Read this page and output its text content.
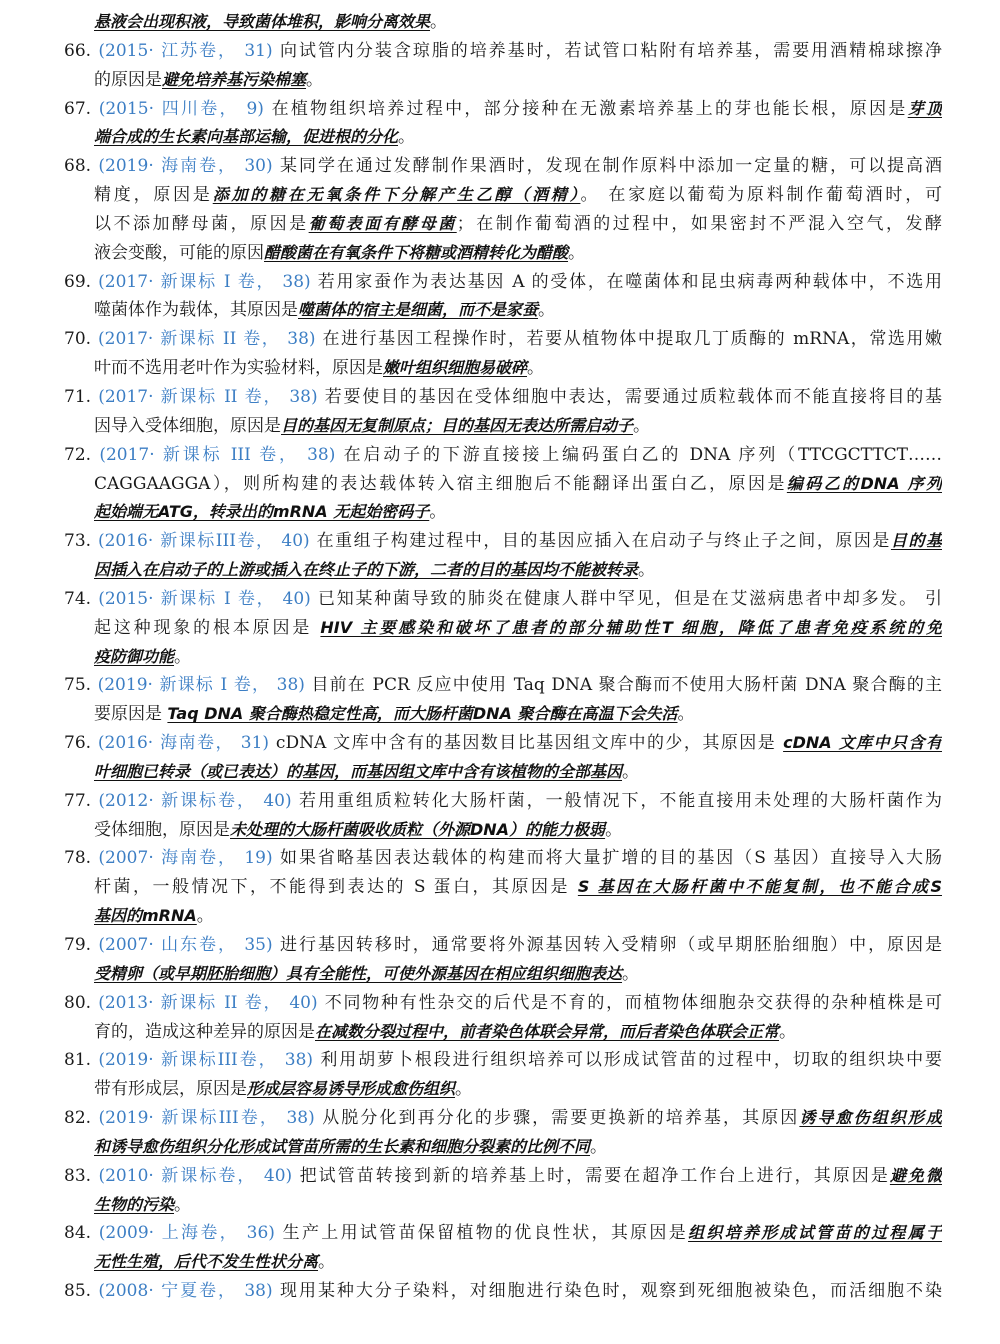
悬液会出现积液，导致菌体堆积，影响分离效果。
66. (2015· 江苏卷， 31) 向试管内分装含琼脂的培养基时，若试管口粘附有培养基，需要用酒精棉球擦净
的原因是避免培养基污染棉塞。
67. (2015· 四川卷， 9) 在植物组织培养过程中，部分接种在无激素培养基上的芽也能长根，原因是芽顶
端合成的生长素向基部运输，促进根的分化。
68. (2019· 海南卷， 30) 某同学在通过发酵制作果酒时，发现在制作原料中添加一定量的糖，可以提高酒
精度，原因是添加的糖在无氧条件下分解产生乙醇（酒精）。 在家庭以葡萄为原料制作葡萄酒时，可
以不添加酵母菌，原因是葡萄表面有酵母菌；在制作葡萄酒的过程中，如果密封不严混入空气，发酵
液会变酸，可能的原因醋酸菌在有氧条件下将糖或酒精转化为醋酸。
69. (2017· 新课标 I 卷， 38) 若用家蚕作为表达基因 A 的受体，在噬菌体和昆虫病毒两种载体中，不选用
噬菌体作为载体，其原因是噬菌体的宿主是细菌，而不是家蚕。
70. (2017· 新课标 II 卷， 38) 在进行基因工程操作时，若要从植物体中提取几丁质酶的 mRNA，常选用嫩
叶而不选用老叶作为实验材料，原因是嫩叶组织细胞易破碎。
71. (2017· 新课标 II 卷， 38) 若要使目的基因在受体细胞中表达，需要通过质粒载体而不能直接将目的基
因导入受体细胞，原因是目的基因无复制原点；目的基因无表达所需启动子。
72. (2017· 新课标 III 卷， 38) 在启动子的下游直接接上编码蛋白乙的 DNA 序列（TTCGCTTCT……
CAGGAAGGA），则所构建的表达载体转入宿主细胞后不能翻译出蛋白乙，原因是编码乙的DNA 序列
起始端无ATG，转录出的mRNA 无起始密码子。
73. (2016· 新课标III卷， 40) 在重组子构建过程中，目的基因应插入在启动子与终止子之间，原因是目的基
因插入在启动子的上游或插入在终止子的下游，二者的目的基因均不能被转录。
74. (2015· 新课标 I 卷， 40) 已知某种菌导致的肺炎在健康人群中罕见，但是在艾滋病患者中却多发。 引
起这种现象的根本原因是 HIV 主要感染和破坏了患者的部分辅助性T 细胞，降低了患者免疫系统的免
疫防御功能。
75. (2019· 新课标 I 卷， 38) 目前在 PCR 反应中使用 Taq DNA 聚合酶而不使用大肠杆菌 DNA 聚合酶的主
要原因是 Taq DNA 聚合酶热稳定性高，而大肠杆菌DNA 聚合酶在高温下会失活。
76. (2016· 海南卷， 31) cDNA 文库中含有的基因数目比基因组文库中的少，其原因是 cDNA 文库中只含有
叶细胞已转录（或已表达）的基因，而基因组文库中含有该植物的全部基因。
77. (2012· 新课标卷， 40) 若用重组质粒转化大肠杆菌，一般情况下，不能直接用未处理的大肠杆菌作为
受体细胞，原因是未处理的大肠杆菌吸收质粒（外源DNA）的能力极弱。
78. (2007· 海南卷， 19) 如果省略基因表达载体的构建而将大量扩增的目的基因（S 基因）直接导入大肠
杆菌，一般情况下，不能得到表达的 S 蛋白，其原因是 S 基因在大肠杆菌中不能复制，也不能合成S
基因的mRNA。
79. (2007· 山东卷， 35) 进行基因转移时，通常要将外源基因转入受精卵（或早期胚胎细胞）中，原因是
受精卵（或早期胚胎细胞）具有全能性，可使外源基因在相应组织细胞表达。
80. (2013· 新课标 II 卷， 40) 不同物种有性杂交的后代是不育的，而植物体细胞杂交获得的杂种植株是可
育的，造成这种差异的原因是在减数分裂过程中，前者染色体联会异常，而后者染色体联会正常。
81. (2019· 新课标III卷， 38) 利用胡萝卜根段进行组织培养可以形成试管苗的过程中，切取的组织块中要
带有形成层，原因是形成层容易诱导形成愈伤组织。
82. (2019· 新课标III卷， 38) 从脱分化到再分化的步骤，需要更换新的培养基，其原因诱导愈伤组织形成
和诱导愈伤组织分化形成试管苗所需的生长素和细胞分裂素的比例不同。
83. (2010· 新课标卷， 40) 把试管苗转接到新的培养基上时，需要在超净工作台上进行，其原因是避免微
生物的污染。
84. (2009· 上海卷， 36) 生产上用试管苗保留植物的优良性状，其原因是组织培养形成试管苗的过程属于
无性生殖，后代不发生性状分离。
85. (2008· 宁夏卷， 38) 现用某种大分子染料，对细胞进行染色时，观察到死细胞被染色，而活细胞不染
